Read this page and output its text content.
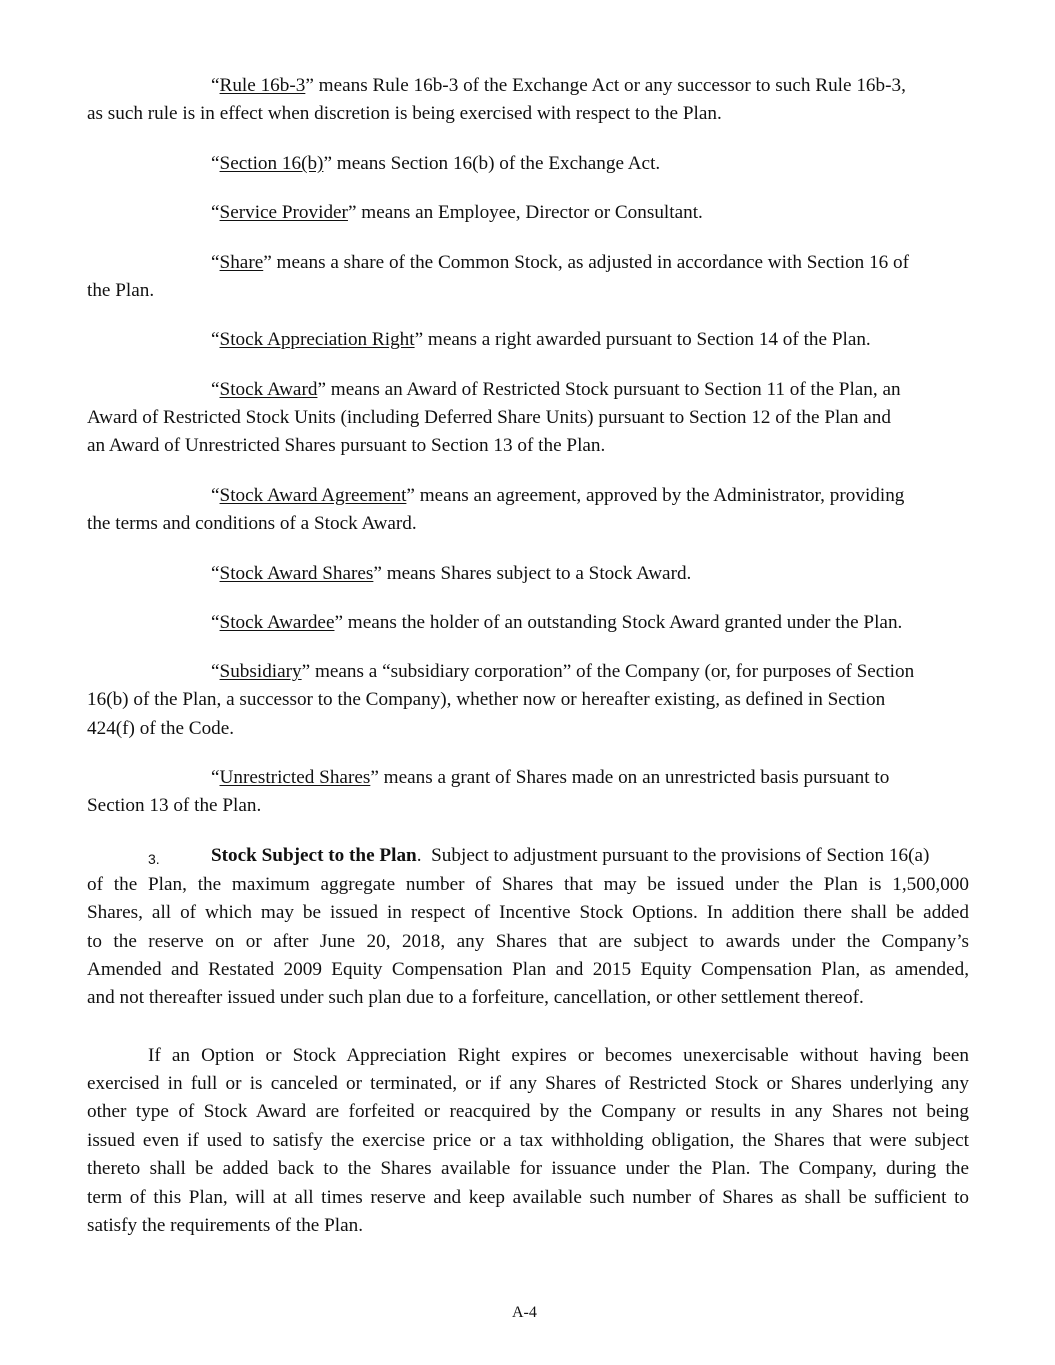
“Rule 16b-3” means Rule 16b-3 of the Exchange Act or any successor to such Rule 16b-3,
as such rule is in effect when discretion is being exercised with respect to the Plan.
“Section 16(b)” means Section 16(b) of the Exchange Act.
“Service Provider” means an Employee, Director or Consultant.
“Share” means a share of the Common Stock, as adjusted in accordance with Section 16 of
the Plan.
“Stock Appreciation Right” means a right awarded pursuant to Section 14 of the Plan.
“Stock Award” means an Award of Restricted Stock pursuant to Section 11 of the Plan, an
Award of Restricted Stock Units (including Deferred Share Units) pursuant to Section 12 of the Plan and
an Award of Unrestricted Shares pursuant to Section 13 of the Plan.
“Stock Award Agreement” means an agreement, approved by the Administrator, providing
the terms and conditions of a Stock Award.
“Stock Award Shares” means Shares subject to a Stock Award.
“Stock Awardee” means the holder of an outstanding Stock Award granted under the Plan.
“Subsidiary” means a “subsidiary corporation” of the Company (or, for purposes of Section
16(b) of the Plan, a successor to the Company), whether now or hereafter existing, as defined in Section
424(f) of the Code.
“Unrestricted Shares” means a grant of Shares made on an unrestricted basis pursuant to
Section 13 of the Plan.
3.	Stock Subject to the Plan.  Subject to adjustment pursuant to the provisions of Section 16(a)
of the Plan, the maximum aggregate number of Shares that may be issued under the Plan is 1,500,000
Shares, all of which may be issued in respect of Incentive Stock Options. In addition there shall be added
to the reserve on or after June 20, 2018, any Shares that are subject to awards under the Company’s
Amended and Restated 2009 Equity Compensation Plan and 2015 Equity Compensation Plan, as amended,
and not thereafter issued under such plan due to a forfeiture, cancellation, or other settlement thereof.
If an Option or Stock Appreciation Right expires or becomes unexercisable without having been
exercised in full or is canceled or terminated, or if any Shares of Restricted Stock or Shares underlying any
other type of Stock Award are forfeited or reacquired by the Company or results in any Shares not being
issued even if used to satisfy the exercise price or a tax withholding obligation, the Shares that were subject
thereto shall be added back to the Shares available for issuance under the Plan. The Company, during the
term of this Plan, will at all times reserve and keep available such number of Shares as shall be sufficient to
satisfy the requirements of the Plan.
A-4
